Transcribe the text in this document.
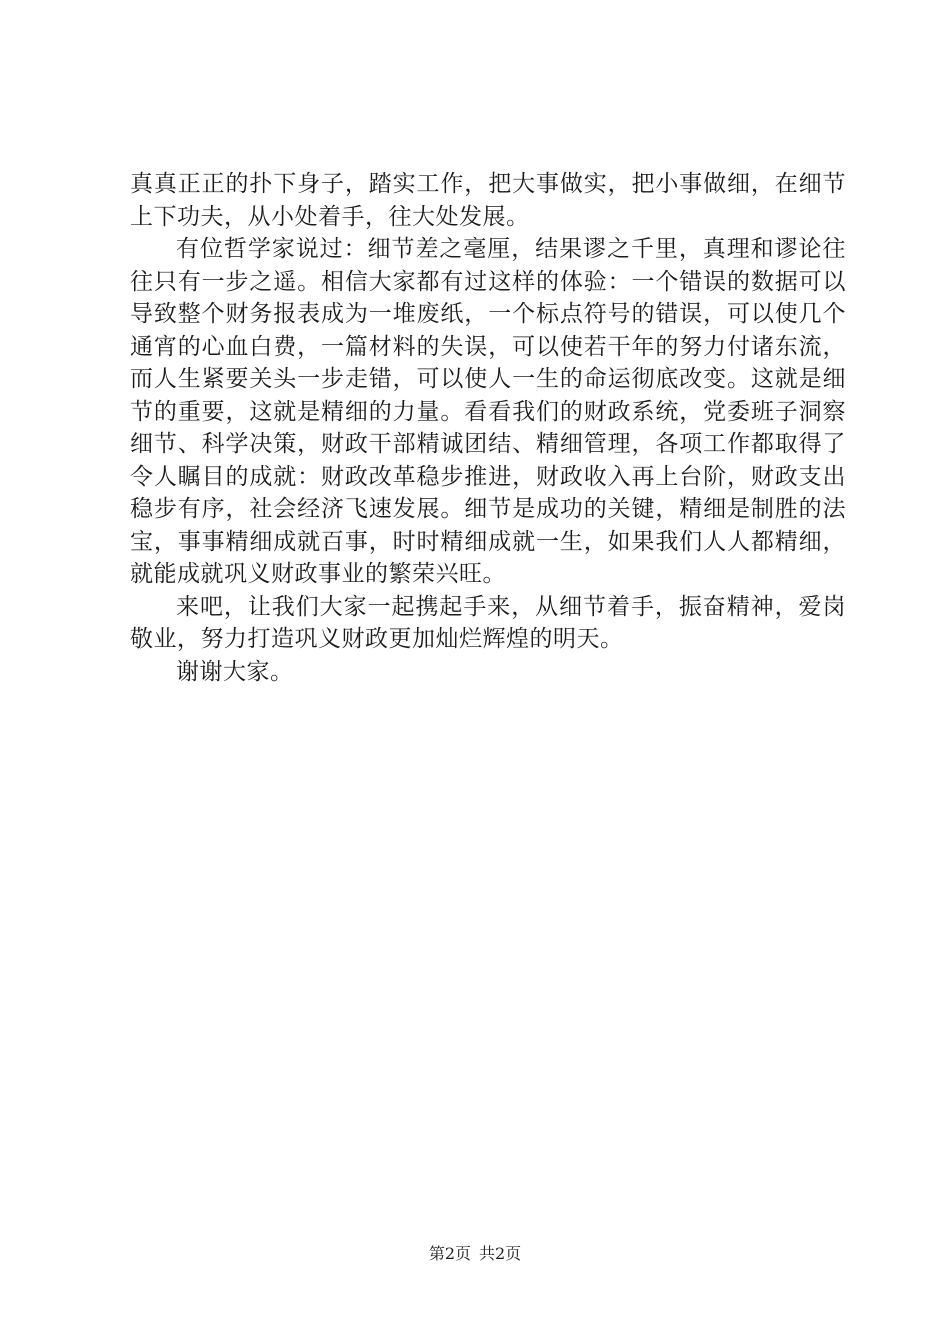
真真正正的扑下身子，踏实工作，把大事做实，把小事做细，在细节上下功夫，从小处着手，往大处发展。

有位哲学家说过：细节差之毫厘，结果谬之千里，真理和谬论往往只有一步之遥。相信大家都有过这样的体验：一个错误的数据可以导致整个财务报表成为一堆废纸，一个标点符号的错误，可以使几个通宵的心血白费，一篇材料的失误，可以使若干年的努力付诸东流，而人生紧要关头一步走错，可以使人一生的命运彻底改变。这就是细节的重要，这就是精细的力量。看看我们的财政系统，党委班子洞察细节、科学决策，财政干部精诚团结、精细管理，各项工作都取得了令人瞩目的成就：财政改革稳步推进，财政收入再上台阶，财政支出稳步有序，社会经济飞速发展。细节是成功的关键，精细是制胜的法宝，事事精细成就百事，时时精细成就一生，如果我们人人都精细，就能成就巩义财政事业的繁荣兴旺。

来吧，让我们大家一起携起手来，从细节着手，振奋精神，爱岗敬业，努力打造巩义财政更加灿烂辉煌的明天。

谢谢大家。

第2页 共2页
